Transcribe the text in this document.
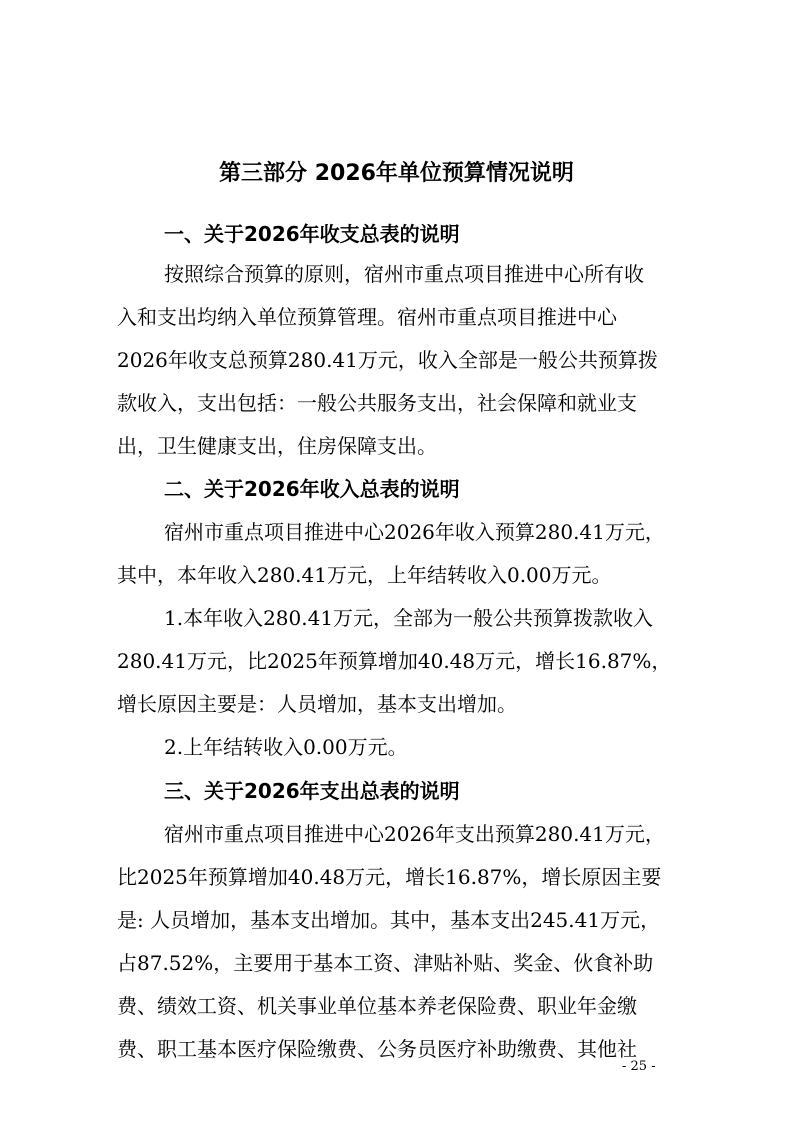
第三部分 2026年单位预算情况说明
一、关于2026年收支总表的说明
按照综合预算的原则，宿州市重点项目推进中心所有收
入和支出均纳入单位预算管理。宿州市重点项目推进中心
2026年收支总预算280.41万元，收入全部是一般公共预算拨
款收入，支出包括：一般公共服务支出，社会保障和就业支
出，卫生健康支出，住房保障支出。
二、关于2026年收入总表的说明
宿州市重点项目推进中心2026年收入预算280.41万元，
其中，本年收入280.41万元，上年结转收入0.00万元。
1.本年收入280.41万元，全部为一般公共预算拨款收入
280.41万元，比2025年预算增加40.48万元，增长16.87%，
增长原因主要是：人员增加，基本支出增加。
2.上年结转收入0.00万元。
三、关于2026年支出总表的说明
宿州市重点项目推进中心2026年支出预算280.41万元，
比2025年预算增加40.48万元，增长16.87%，增长原因主要
是: 人员增加，基本支出增加。其中，基本支出245.41万元，
占87.52%，主要用于基本工资、津贴补贴、奖金、伙食补助
费、绩效工资、机关事业单位基本养老保险费、职业年金缴
费、职工基本医疗保险缴费、公务员医疗补助缴费、其他社
- 25 -
